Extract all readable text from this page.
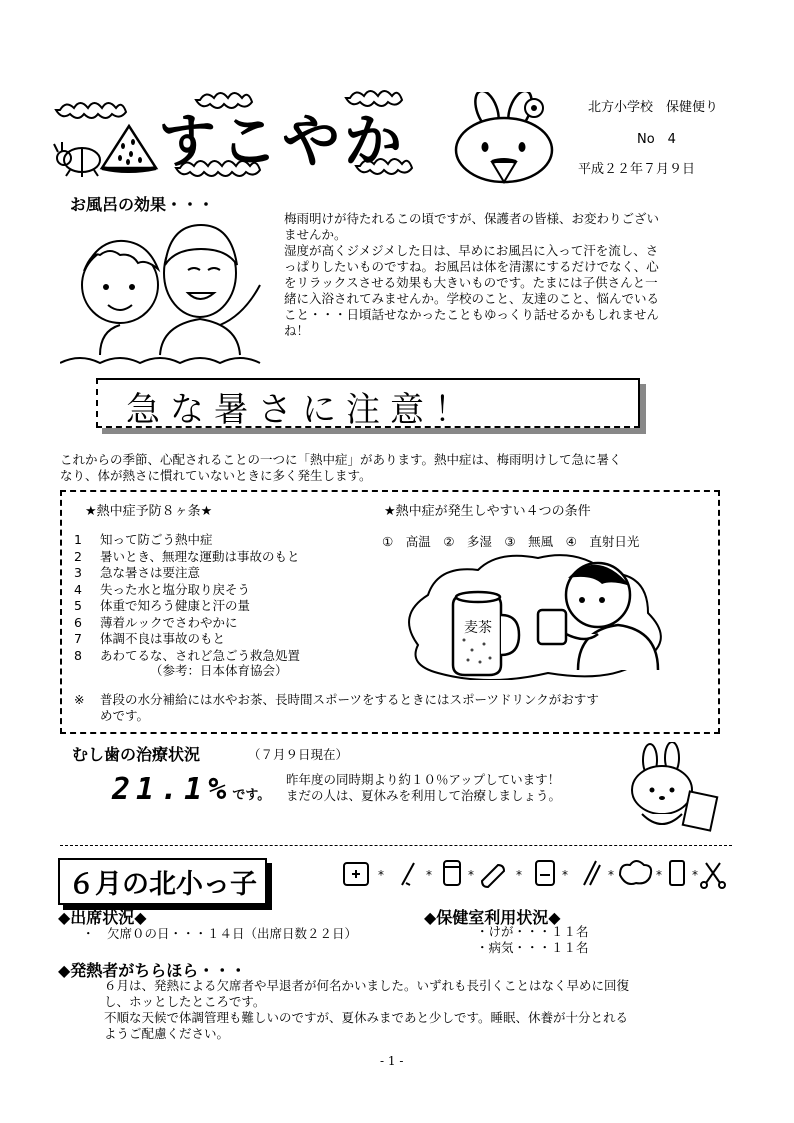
すこやか	北方小学校　保健便り
No　4
平成２２年７月９日
お風呂の効果・・・
梅雨明けが待たれるこの頃ですが、保護者の皆様、お変わりござい
ませんか。
湿度が高くジメジメした日は、早めにお風呂に入って汗を流し、さ
っぱりしたいものですね。お風呂は体を清潔にするだけでなく、心
をリラックスさせる効果も大きいものです。たまには子供さんと一
緒に入浴されてみませんか。学校のこと、友達のこと、悩んでいる
こと・・・日頃話せなかったこともゆっくり話せるかもしれません
ね！
急な暑さに注意！
これからの季節、心配されることの一つに「熱中症」があります。熱中症は、梅雨明けして急に暑く
なり、体が熱さに慣れていないときに多く発生します。
★熱中症予防８ヶ条★
1	知って防ごう熱中症
2	暑いとき、無理な運動は事故のもと
3	急な暑さは要注意
4	失った水と塩分取り戻そう
5	体重で知ろう健康と汗の量
6	薄着ルックでさわやかに
7	体調不良は事故のもと
8	あわてるな、されど急ごう救急処置
（参考：日本体育協会）
★熱中症が発生しやすい４つの条件
①　高温　②　多湿　③　無風　④　直射日光
麦茶
※ 普段の水分補給には水やお茶、長時間スポーツをするときにはスポーツドリンクがおすす
めです。
むし歯の治療状況	（７月９日現在）
21.1%です。
昨年度の同時期より約１０％アップしています！
まだの人は、夏休みを利用して治療しましょう。
６月の北小っ子	*	*	*	*	*	*	*	*
◆出席状況◆
・　欠席０の日・・・１４日（出席日数２２日）
◆保健室利用状況◆
・けが・・・１１名
・病気・・・１１名
◆発熱者がちらほら・・・
６月は、発熱による欠席者や早退者が何名かいました。いずれも長引くことはなく早めに回復
し、ホッとしたところです。
不順な天候で体調管理も難しいのですが、夏休みまであと少しです。睡眠、休養が十分とれる
ようご配慮ください。
- 1 -
